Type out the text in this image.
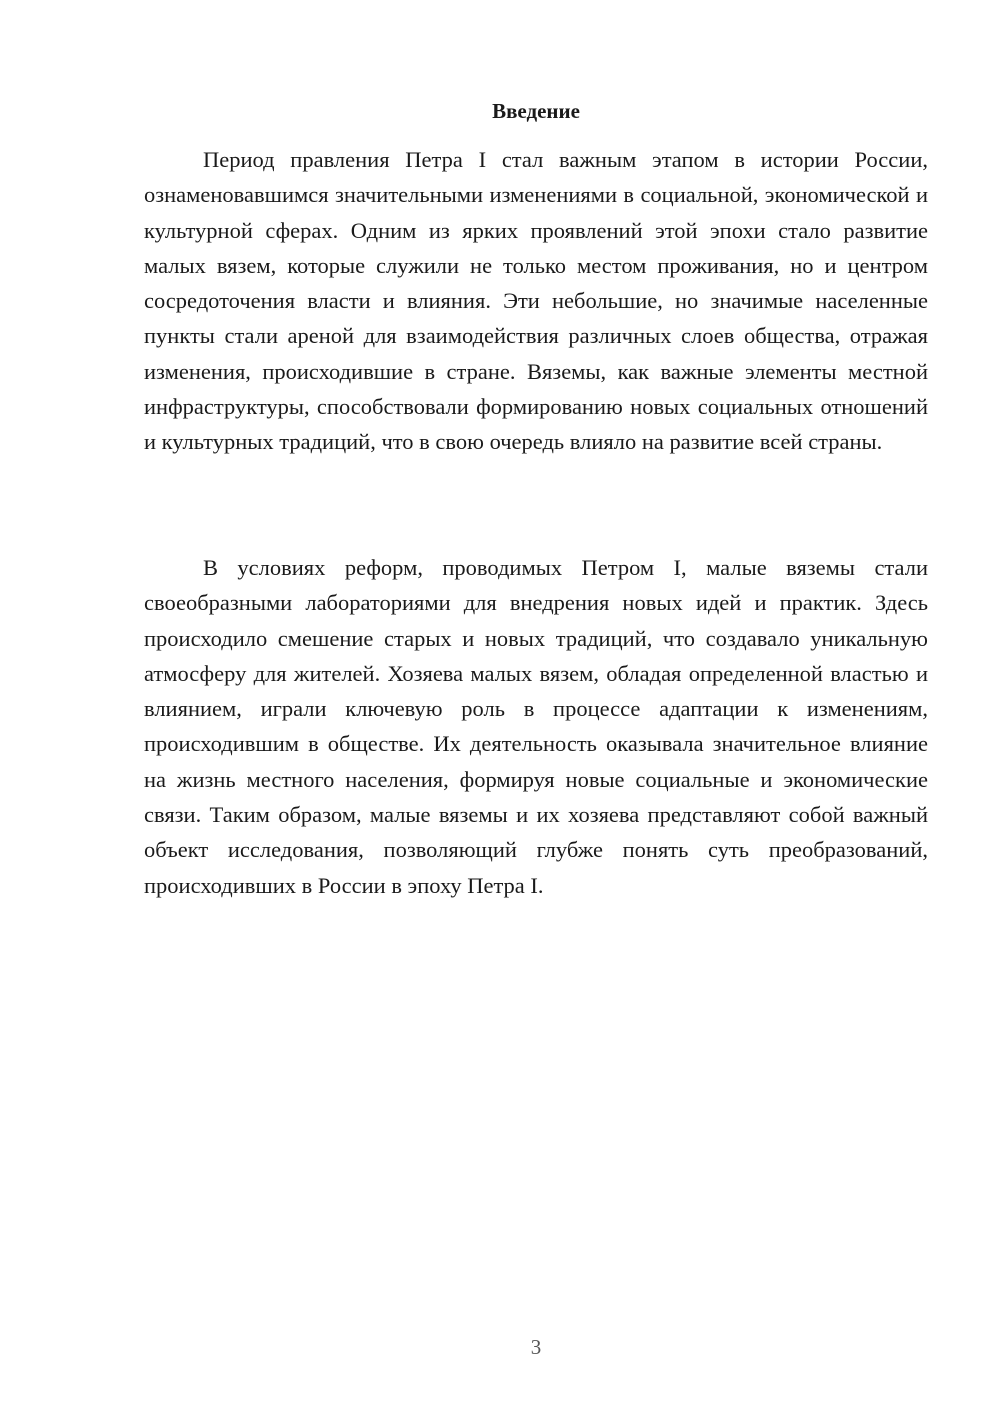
Введение

Период правления Петра I стал важным этапом в истории России, ознаменовавшимся значительными изменениями в социальной, экономической и культурной сферах. Одним из ярких проявлений этой эпохи стало развитие малых вязем, которые служили не только местом проживания, но и центром сосредоточения власти и влияния. Эти небольшие, но значимые населенные пункты стали ареной для взаимодействия различных слоев общества, отражая изменения, происходившие в стране. Вяземы, как важные элементы местной инфраструктуры, способствовали формированию новых социальных отношений и культурных традиций, что в свою очередь влияло на развитие всей страны.

В условиях реформ, проводимых Петром I, малые вяземы стали своеобразными лабораториями для внедрения новых идей и практик. Здесь происходило смешение старых и новых традиций, что создавало уникальную атмосферу для жителей. Хозяева малых вязем, обладая определенной властью и влиянием, играли ключевую роль в процессе адаптации к изменениям, происходившим в обществе. Их деятельность оказывала значительное влияние на жизнь местного населения, формируя новые социальные и экономические связи. Таким образом, малые вяземы и их хозяева представляют собой важный объект исследования, позволяющий глубже понять суть преобразований, происходивших в России в эпоху Петра I.

3
